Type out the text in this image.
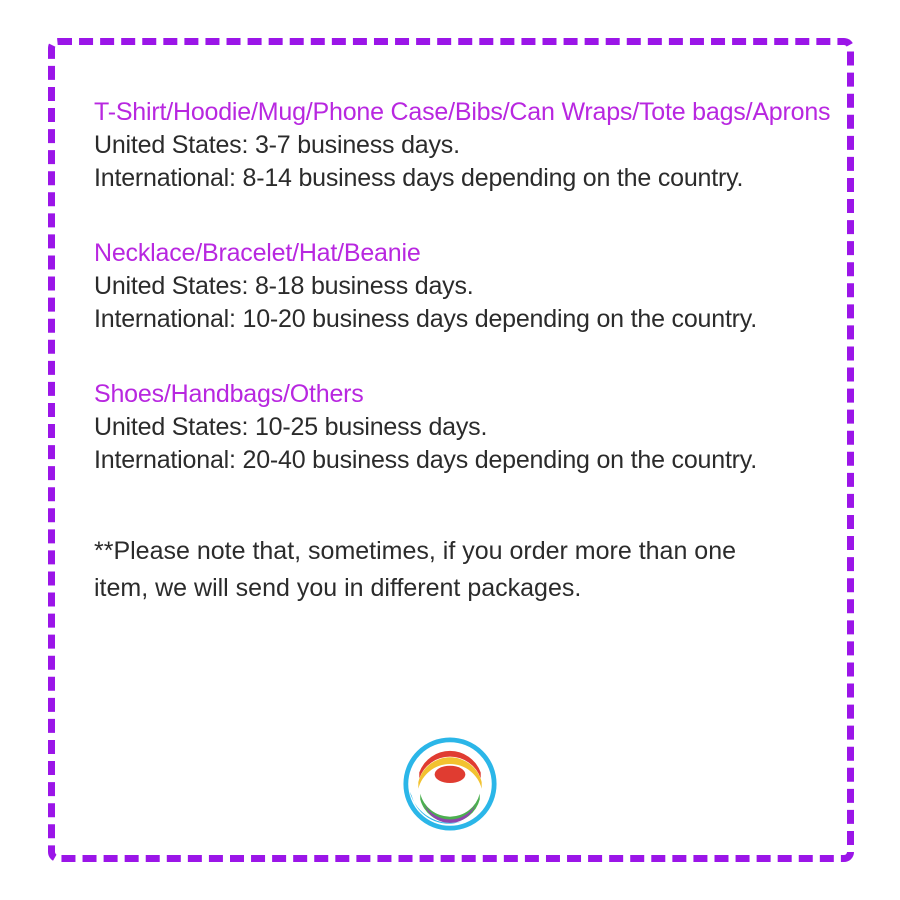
T-Shirt/Hoodie/Mug/Phone Case/Bibs/Can Wraps/Tote bags/Aprons
United States: 3-7 business days.
International: 8-14 business days depending on the country.
Necklace/Bracelet/Hat/Beanie
United States: 8-18 business days.
International: 10-20 business days depending on the country.
Shoes/Handbags/Others
United States: 10-25 business days.
International: 20-40 business days depending on the country.
**Please note that, sometimes, if you order more than one item, we will send you in different packages.
